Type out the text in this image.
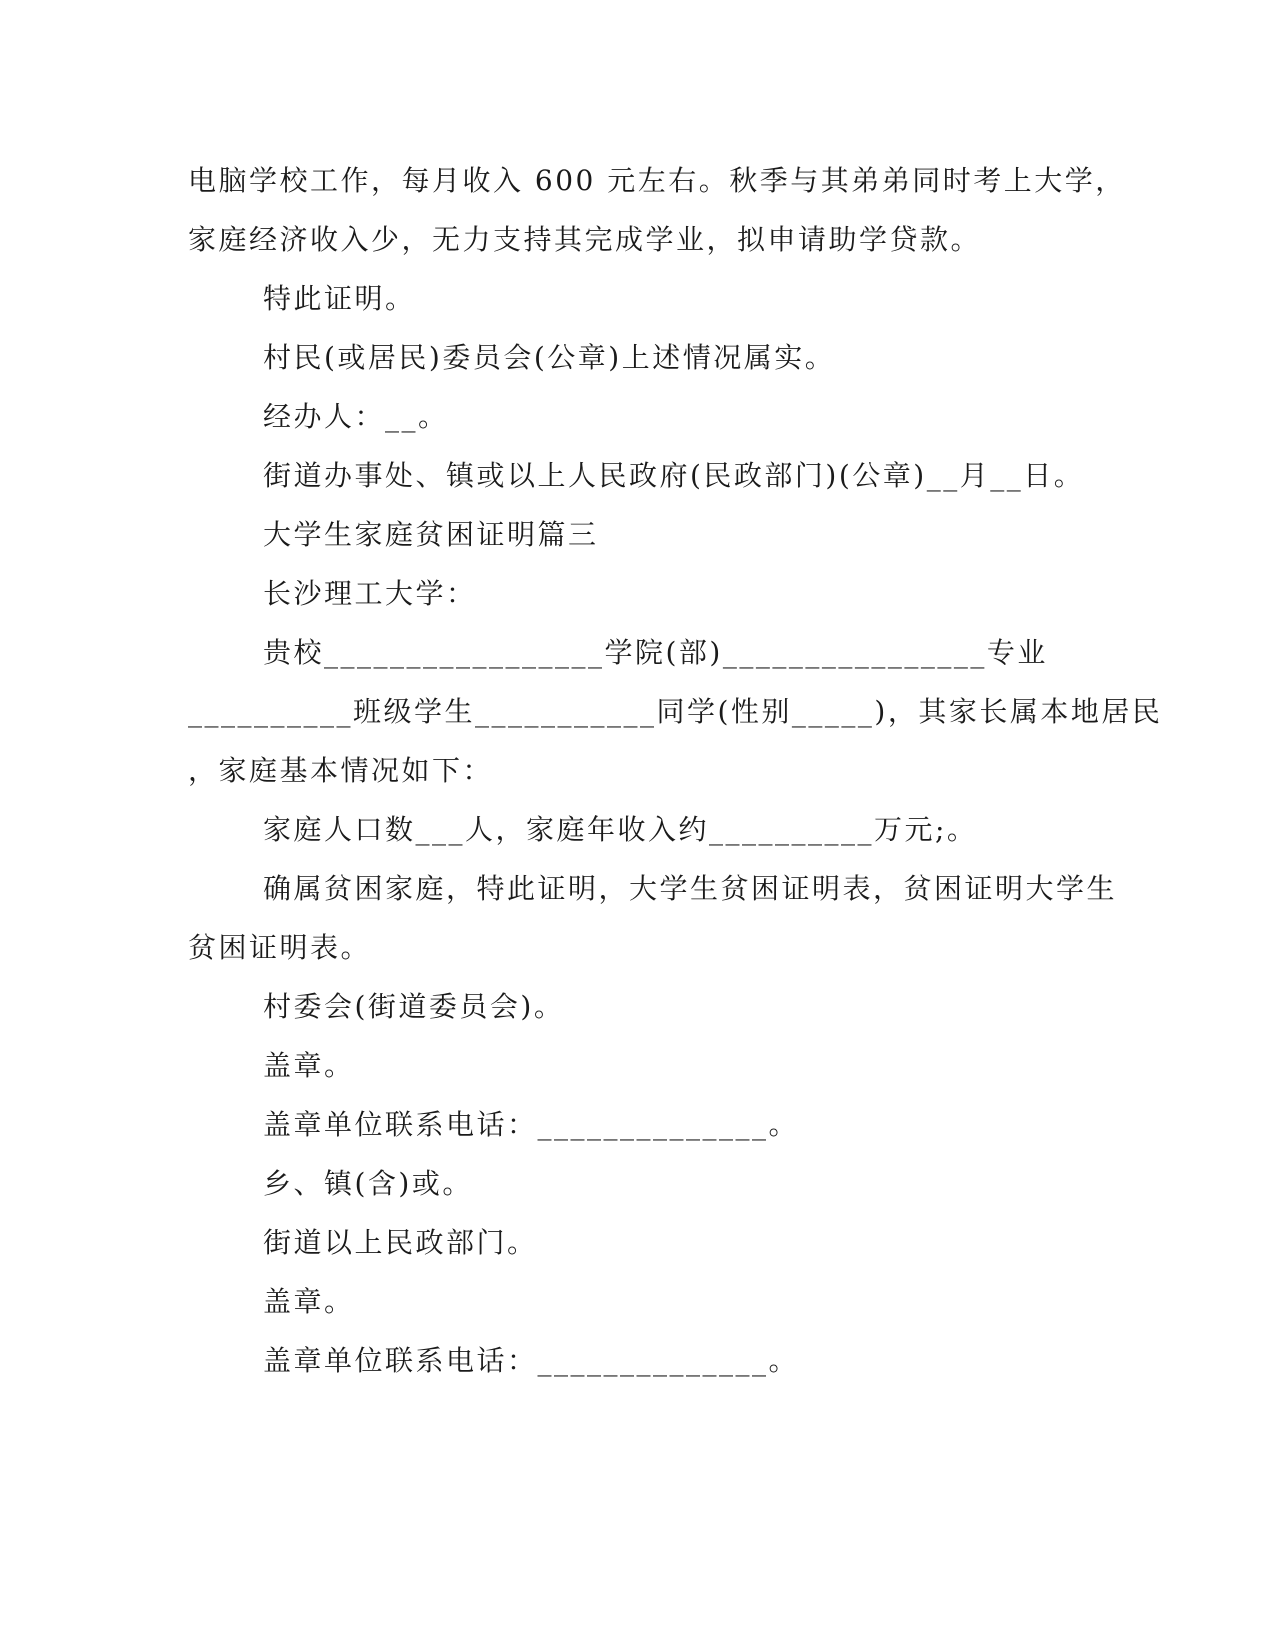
电脑学校工作，每月收入 600 元左右。秋季与其弟弟同时考上大学，
家庭经济收入少，无力支持其完成学业，拟申请助学贷款。
特此证明。
村民(或居民)委员会(公章)上述情况属实。
经办人：__。
街道办事处、镇或以上人民政府(民政部门)(公章)__月__日。
大学生家庭贫困证明篇三
长沙理工大学：
贵校_________________学院(部)________________专业
__________班级学生___________同学(性别_____)，其家长属本地居民
，家庭基本情况如下：
家庭人口数___人，家庭年收入约__________万元;。
确属贫困家庭，特此证明，大学生贫困证明表，贫困证明大学生
贫困证明表。
村委会(街道委员会)。
盖章。
盖章单位联系电话：______________。
乡、镇(含)或。
街道以上民政部门。
盖章。
盖章单位联系电话：______________。
